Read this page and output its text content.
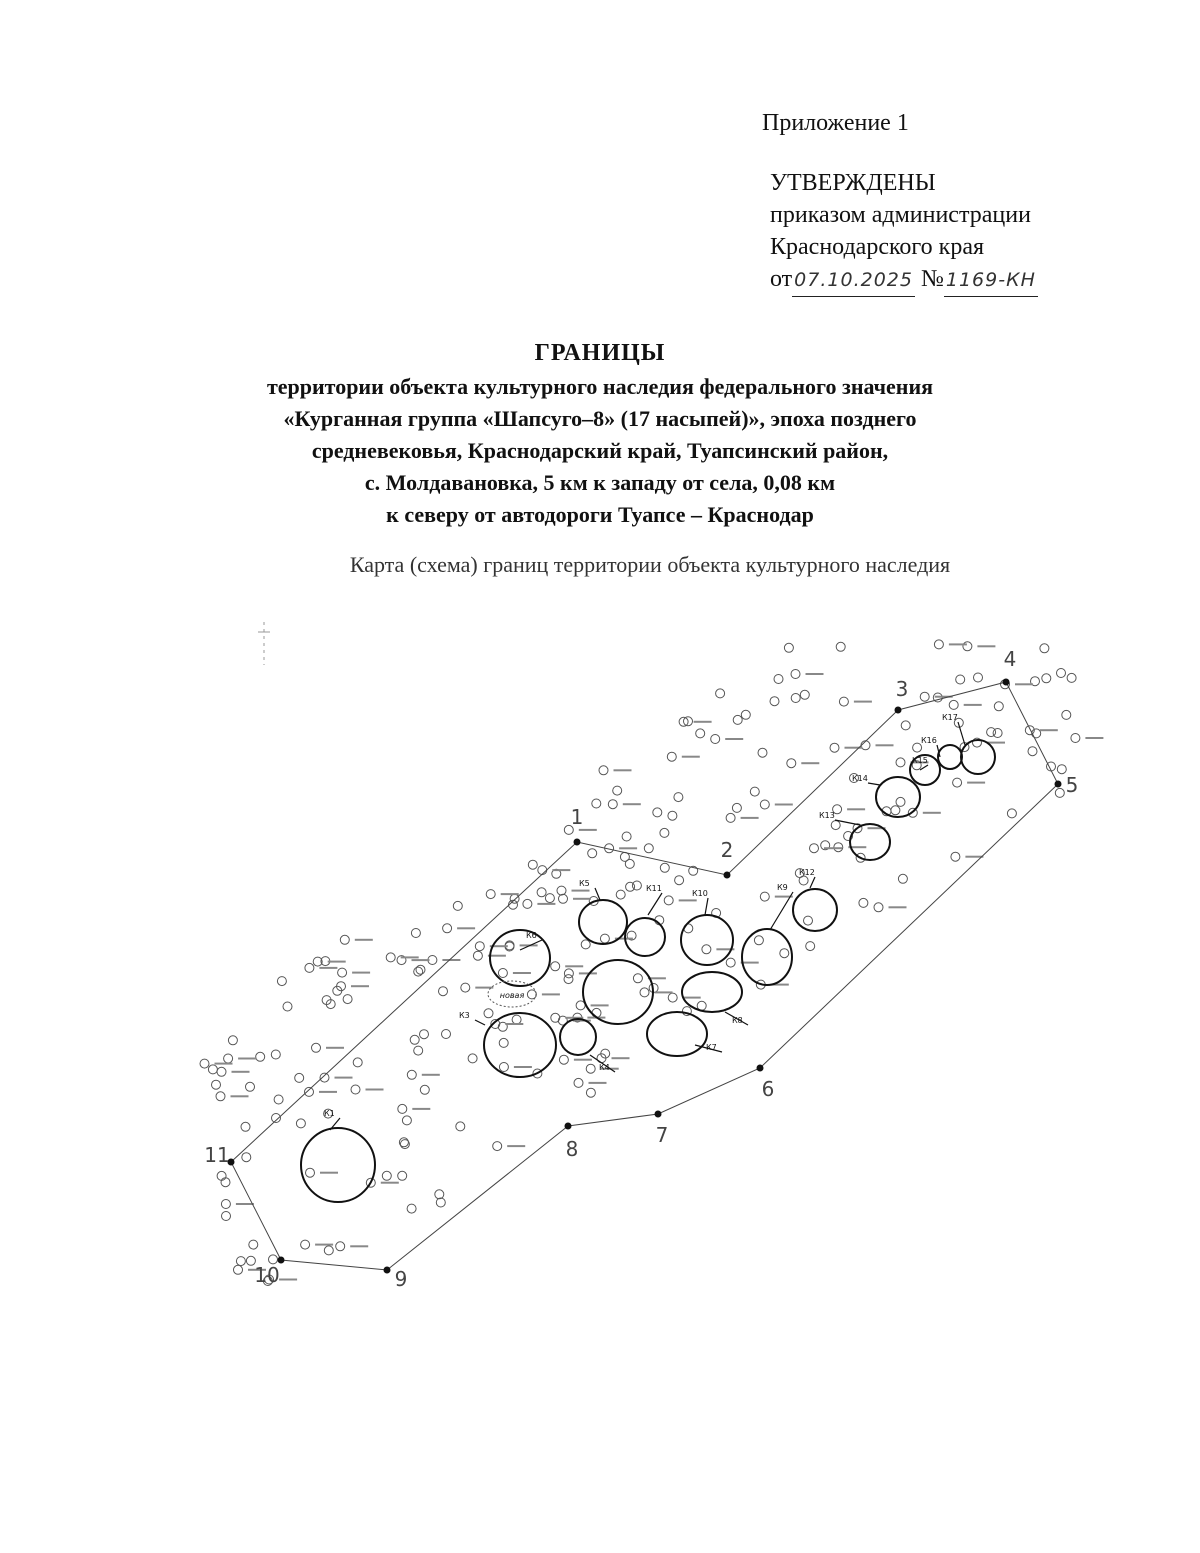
Приложение 1
УТВЕРЖДЕНЫ
приказом администрации
Краснодарского края
от 07.10.2025 № 1169-КН
ГРАНИЦЫ
территории объекта культурного наследия федерального значения
«Курганная группа «Шапсуго–8» (17 насыпей)», эпоха позднего
средневековья, Краснодарский край, Туапсинский район,
с. Молдавановка, 5 км к западу от села, 0,08 км
к северу от автодороги Туапсе – Краснодар
Карта (схема) границ территории объекта культурного наследия
1
2
3
4
5
6
7
8
9
10
11
К1
К3
К4
К5
К6
К7
К8
К9
К10
К11
К12
К13
К14
К15
К16
К17
новая
